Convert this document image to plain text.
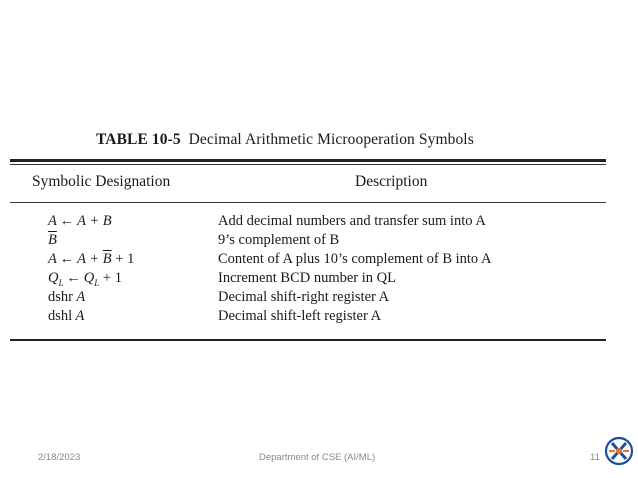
TABLE 10-5 Decimal Arithmetic Microoperation Symbols
Symbolic Designation	Description
A ← A + B	Add decimal numbers and transfer sum into A
$\overline{B}$	9’s complement of B
A ← $A + \overline{B} + 1$	Content of A plus 10’s complement of B into A
$Q_L$ ← $Q_L + 1$	Increment BCD number in QL
dshr A	Decimal shift-right register A
dshl A	Decimal shift-left register A
2/18/2023	Department of CSE (AI/ML)	11
